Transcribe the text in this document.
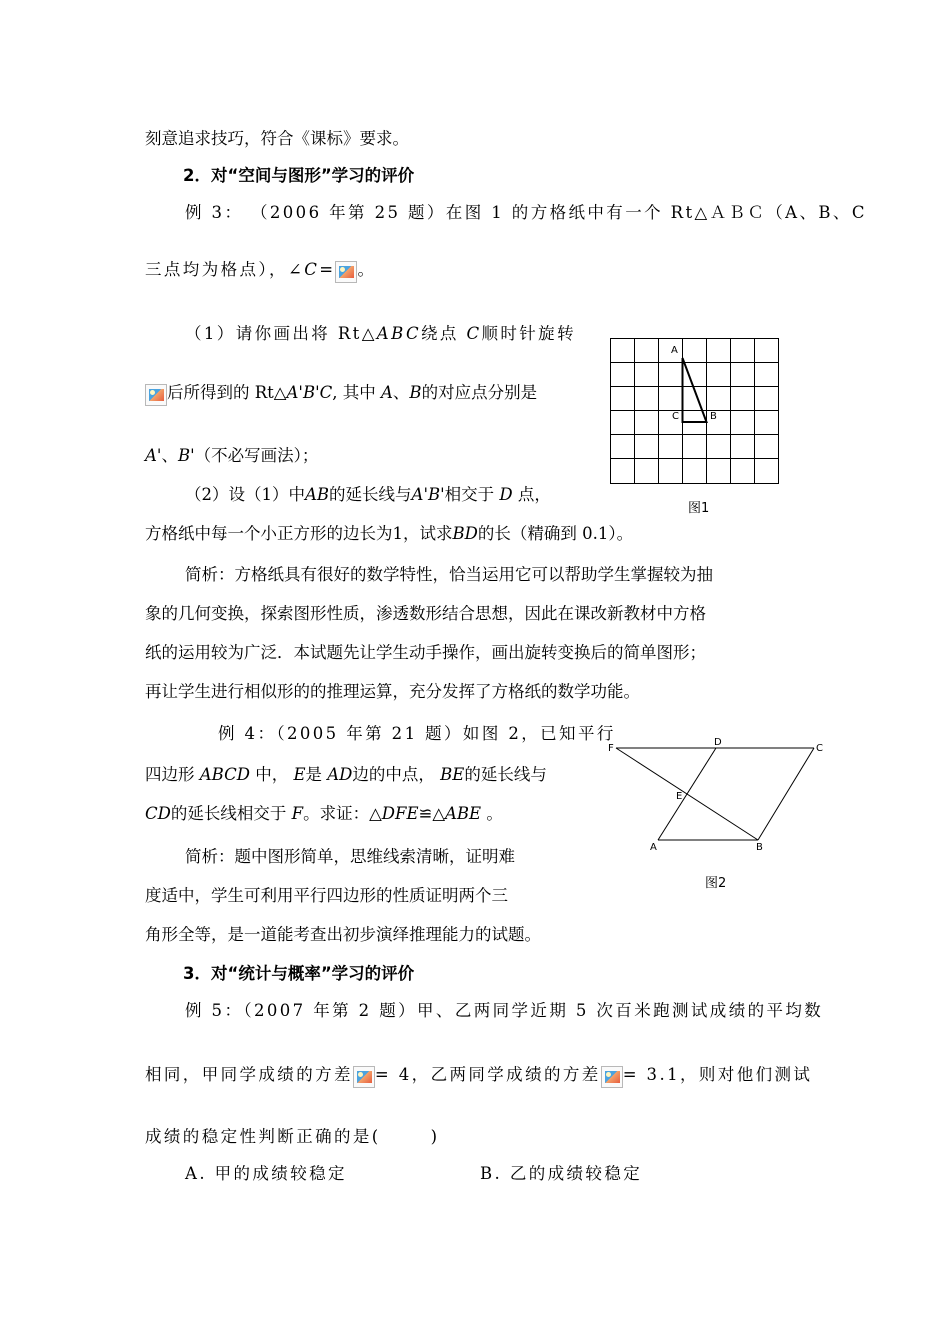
刻意追求技巧，符合《课标》要求。
2．对“空间与图形”学习的评价
例 3： （2006 年第 25 题）在图 1 的方格纸中有一个 Rt△ＡＢＣ（A、B、C
三点均为格点），∠C= 。
（1）请你画出将 Rt△ABC绕点 C顺时针旋转
后所得到的 Rt△A'B'C, 其中 A、B的对应点分别是
A'、B'（不必写画法）；
（2）设（1）中AB的延长线与A'B'相交于 D 点，
方格纸中每一个小正方形的边长为1，试求BD的长（精确到 0.1）。
A
C	B
图1
简析：方格纸具有很好的数学特性，恰当运用它可以帮助学生掌握较为抽
象的几何变换，探索图形性质，渗透数形结合思想，因此在课改新教材中方格
纸的运用较为广泛．本试题先让学生动手操作，画出旋转变换后的简单图形；
再让学生进行相似形的的推理运算，充分发挥了方格纸的数学功能。
例 4：（2005 年第 21 题）如图 2，已知平行
四边形 ABCD 中， E是 AD边的中点， BE的延长线与
CD的延长线相交于 F。求证：△DFE≌△ABE 。
F
D
C
E
A	B
图2
简析：题中图形简单，思维线索清晰，证明难
度适中，学生可利用平行四边形的性质证明两个三
角形全等，是一道能考查出初步演绎推理能力的试题。
3．对“统计与概率”学习的评价
例 5：（2007 年第 2 题）甲、乙两同学近期 5 次百米跑测试成绩的平均数
相同，甲同学成绩的方差 = 4，乙两同学成绩的方差 = 3.1，则对他们测试
成绩的稳定性判断正确的是(	)
A. 甲的成绩较稳定	B. 乙的成绩较稳定
